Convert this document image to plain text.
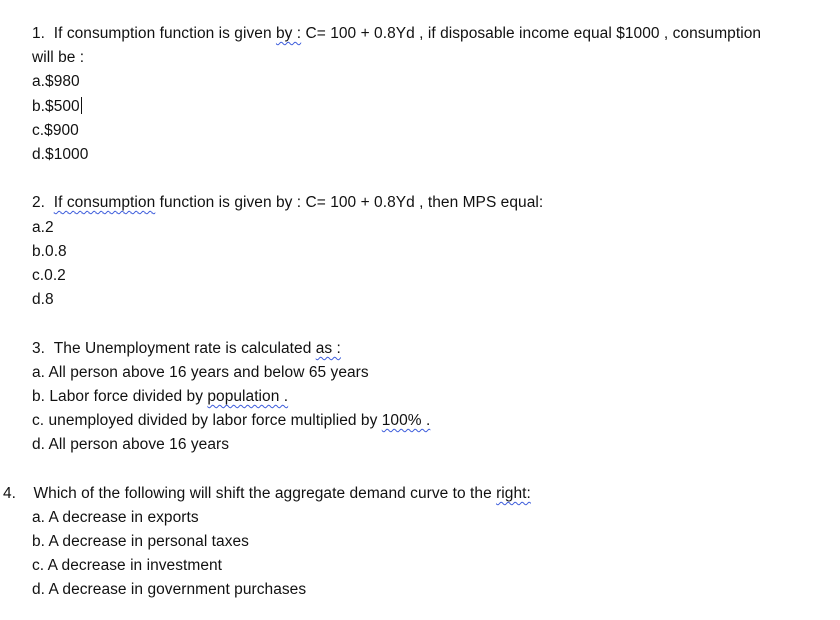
1. If consumption function is given by : C= 100 + 0.8Yd , if disposable income equal $1000 , consumption
will be :
a.$980
b.$500
c.$900
d.$1000
2. If consumption function is given by : C= 100 + 0.8Yd , then MPS equal:
a.2
b.0.8
c.0.2
d.8
3. The Unemployment rate is calculated as :
a. All person above 16 years and below 65 years
b. Labor force divided by population .
c. unemployed divided by labor force multiplied by 100% .
d. All person above 16 years
4. Which of the following will shift the aggregate demand curve to the right:
a. A decrease in exports
b. A decrease in personal taxes
c. A decrease in investment
d. A decrease in government purchases
